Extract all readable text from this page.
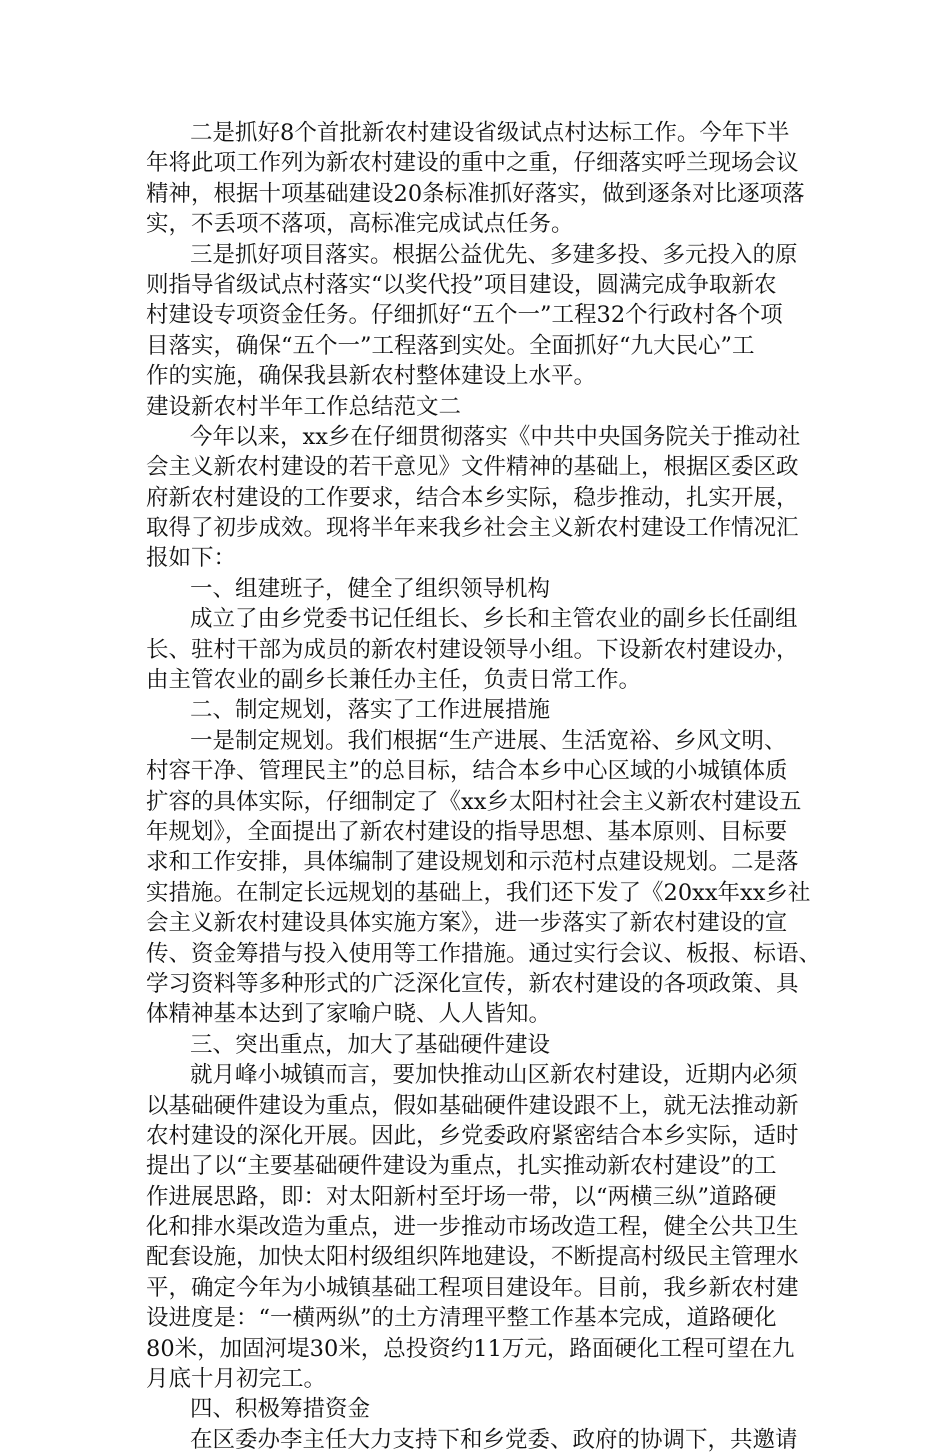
二是抓好8个首批新农村建设省级试点村达标工作。今年下半
年将此项工作列为新农村建设的重中之重，仔细落实呼兰现场会议
精神，根据十项基础建设20条标准抓好落实，做到逐条对比逐项落
实，不丢项不落项，高标准完成试点任务。
三是抓好项目落实。根据公益优先、多建多投、多元投入的原
则指导省级试点村落实“以奖代投”项目建设，圆满完成争取新农
村建设专项资金任务。仔细抓好“五个一”工程32个行政村各个项
目落实，确保“五个一”工程落到实处。全面抓好“九大民心”工
作的实施，确保我县新农村整体建设上水平。
建设新农村半年工作总结范文二
今年以来，xx乡在仔细贯彻落实《中共中央国务院关于推动社
会主义新农村建设的若干意见》文件精神的基础上，根据区委区政
府新农村建设的工作要求，结合本乡实际，稳步推动，扎实开展，
取得了初步成效。现将半年来我乡社会主义新农村建设工作情况汇
报如下：
一、组建班子，健全了组织领导机构
成立了由乡党委书记任组长、乡长和主管农业的副乡长任副组
长、驻村干部为成员的新农村建设领导小组。下设新农村建设办，
由主管农业的副乡长兼任办主任，负责日常工作。
二、制定规划，落实了工作进展措施
一是制定规划。我们根据“生产进展、生活宽裕、乡风文明、
村容干净、管理民主”的总目标，结合本乡中心区域的小城镇体质
扩容的具体实际，仔细制定了《xx乡太阳村社会主义新农村建设五
年规划》，全面提出了新农村建设的指导思想、基本原则、目标要
求和工作安排，具体编制了建设规划和示范村点建设规划。二是落
实措施。在制定长远规划的基础上，我们还下发了《20xx年xx乡社
会主义新农村建设具体实施方案》，进一步落实了新农村建设的宣
传、资金筹措与投入使用等工作措施。通过实行会议、板报、标语、
学习资料等多种形式的广泛深化宣传，新农村建设的各项政策、具
体精神基本达到了家喻户晓、人人皆知。
三、突出重点，加大了基础硬件建设
就月峰小城镇而言，要加快推动山区新农村建设，近期内必须
以基础硬件建设为重点，假如基础硬件建设跟不上，就无法推动新
农村建设的深化开展。因此，乡党委政府紧密结合本乡实际，适时
提出了以“主要基础硬件建设为重点，扎实推动新农村建设”的工
作进展思路，即：对太阳新村至圩场一带，以“两横三纵”道路硬
化和排水渠改造为重点，进一步推动市场改造工程，健全公共卫生
配套设施，加快太阳村级组织阵地建设，不断提高村级民主管理水
平，确定今年为小城镇基础工程项目建设年。目前，我乡新农村建
设进度是：“一横两纵”的土方清理平整工作基本完成，道路硬化
80米，加固河堤30米，总投资约11万元，路面硬化工程可望在九
月底十月初完工。
四、积极筹措资金
在区委办李主任大力支持下和乡党委、政府的协调下，共邀请
